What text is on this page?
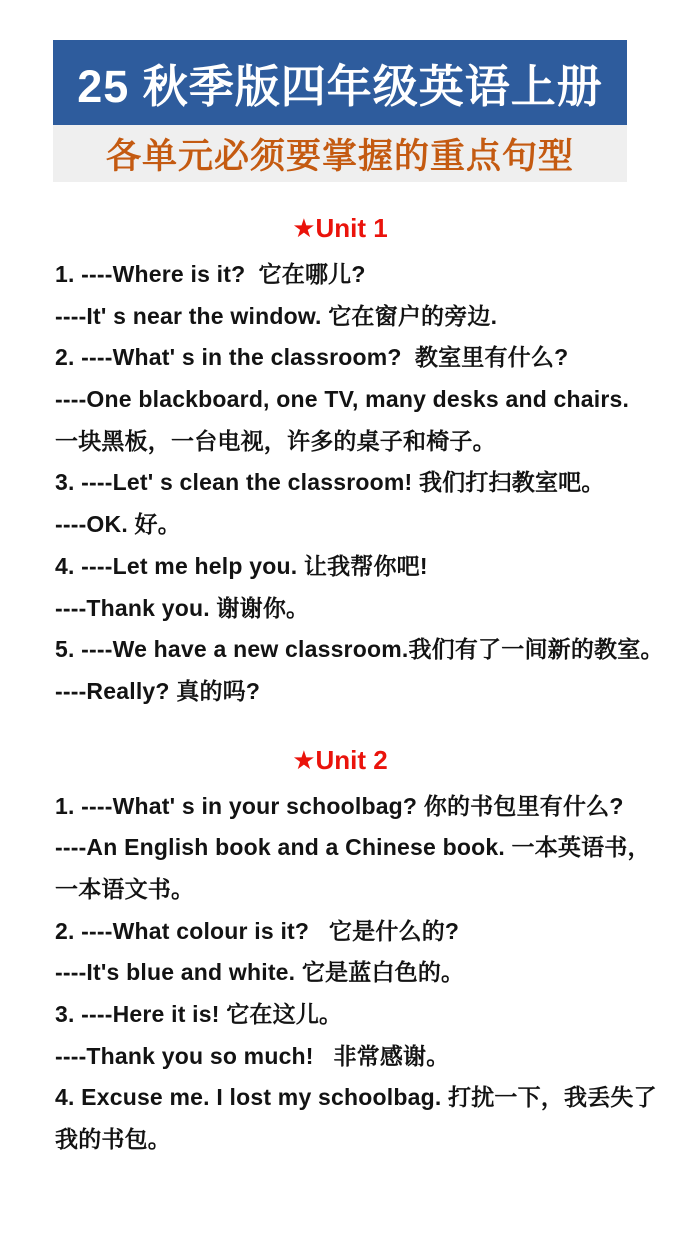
25 秋季版四年级英语上册
各单元必须要掌握的重点句型
★Unit 1
1. ----Where is it?  它在哪儿?
----It' s near the window. 它在窗户的旁边.
2. ----What' s in the classroom?  教室里有什么?
----One blackboard, one TV, many desks and chairs.
一块黑板，一台电视，许多的桌子和椅子。
3. ----Let' s clean the classroom! 我们打扫教室吧。
----OK. 好。
4. ----Let me help you. 让我帮你吧!
----Thank you. 谢谢你。
5. ----We have a new classroom.我们有了一间新的教室。
----Really? 真的吗?
★Unit 2
1. ----What' s in your schoolbag? 你的书包里有什么?
----An English book and a Chinese book. 一本英语书，
一本语文书。
2. ----What colour is it?   它是什么的?
----It's blue and white. 它是蓝白色的。
3. ----Here it is! 它在这儿。
----Thank you so much!   非常感谢。
4. Excuse me. I lost my schoolbag. 打扰一下，我丢失了
我的书包。
